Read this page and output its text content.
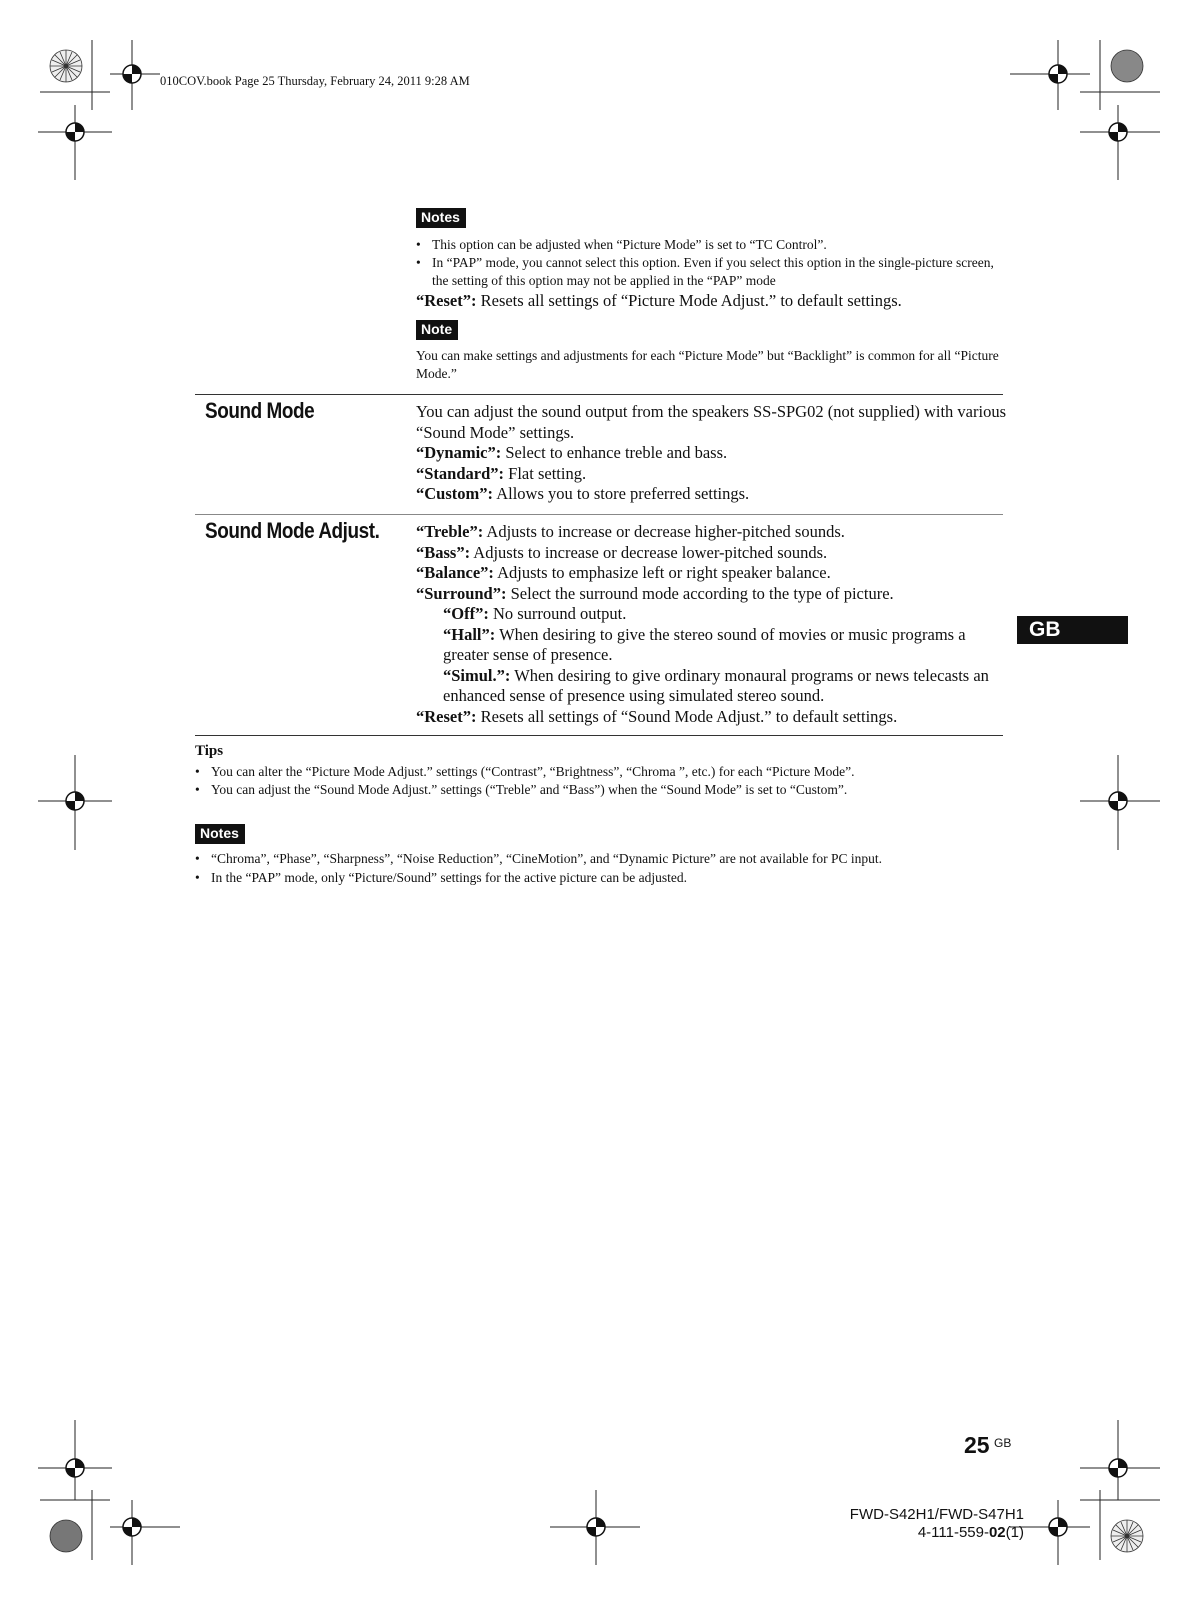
010COV.book Page 25 Thursday, February 24, 2011 9:28 AM
Notes
• This option can be adjusted when “Picture Mode” is set to “TC Control”.
• In “PAP” mode, you cannot select this option. Even if you select this option in the single-picture screen, the setting of this option may not be applied in the “PAP” mode
“Reset”: Resets all settings of “Picture Mode Adjust.” to default settings.
Note
You can make settings and adjustments for each “Picture Mode” but “Backlight” is common for all “Picture Mode.”
Sound Mode	You can adjust the sound output from the speakers SS-SPG02 (not supplied) with various “Sound Mode” settings.
“Dynamic”: Select to enhance treble and bass.
“Standard”: Flat setting.
“Custom”: Allows you to store preferred settings.
Sound Mode Adjust. “Treble”: Adjusts to increase or decrease higher-pitched sounds.
“Bass”: Adjusts to increase or decrease lower-pitched sounds.
“Balance”: Adjusts to emphasize left or right speaker balance.
“Surround”: Select the surround mode according to the type of picture.
“Off”: No surround output.
“Hall”: When desiring to give the stereo sound of movies or music programs a greater sense of presence.
“Simul.”: When desiring to give ordinary monaural programs or news telecasts an enhanced sense of presence using simulated stereo sound.
“Reset”: Resets all settings of “Sound Mode Adjust.” to default settings.
GB
Tips
• You can alter the “Picture Mode Adjust.” settings (“Contrast”, “Brightness”, “Chroma ”, etc.) for each “Picture Mode”.
• You can adjust the “Sound Mode Adjust.” settings (“Treble” and “Bass”) when the “Sound Mode” is set to “Custom”.
Notes
• “Chroma”, “Phase”, “Sharpness”, “Noise Reduction”, “CineMotion”, and “Dynamic Picture” are not available for PC input.
• In the “PAP” mode, only “Picture/Sound” settings for the active picture can be adjusted.
25 $^{GB}$
FWD-S42H1/FWD-S47H1
4-111-559-02(1)
